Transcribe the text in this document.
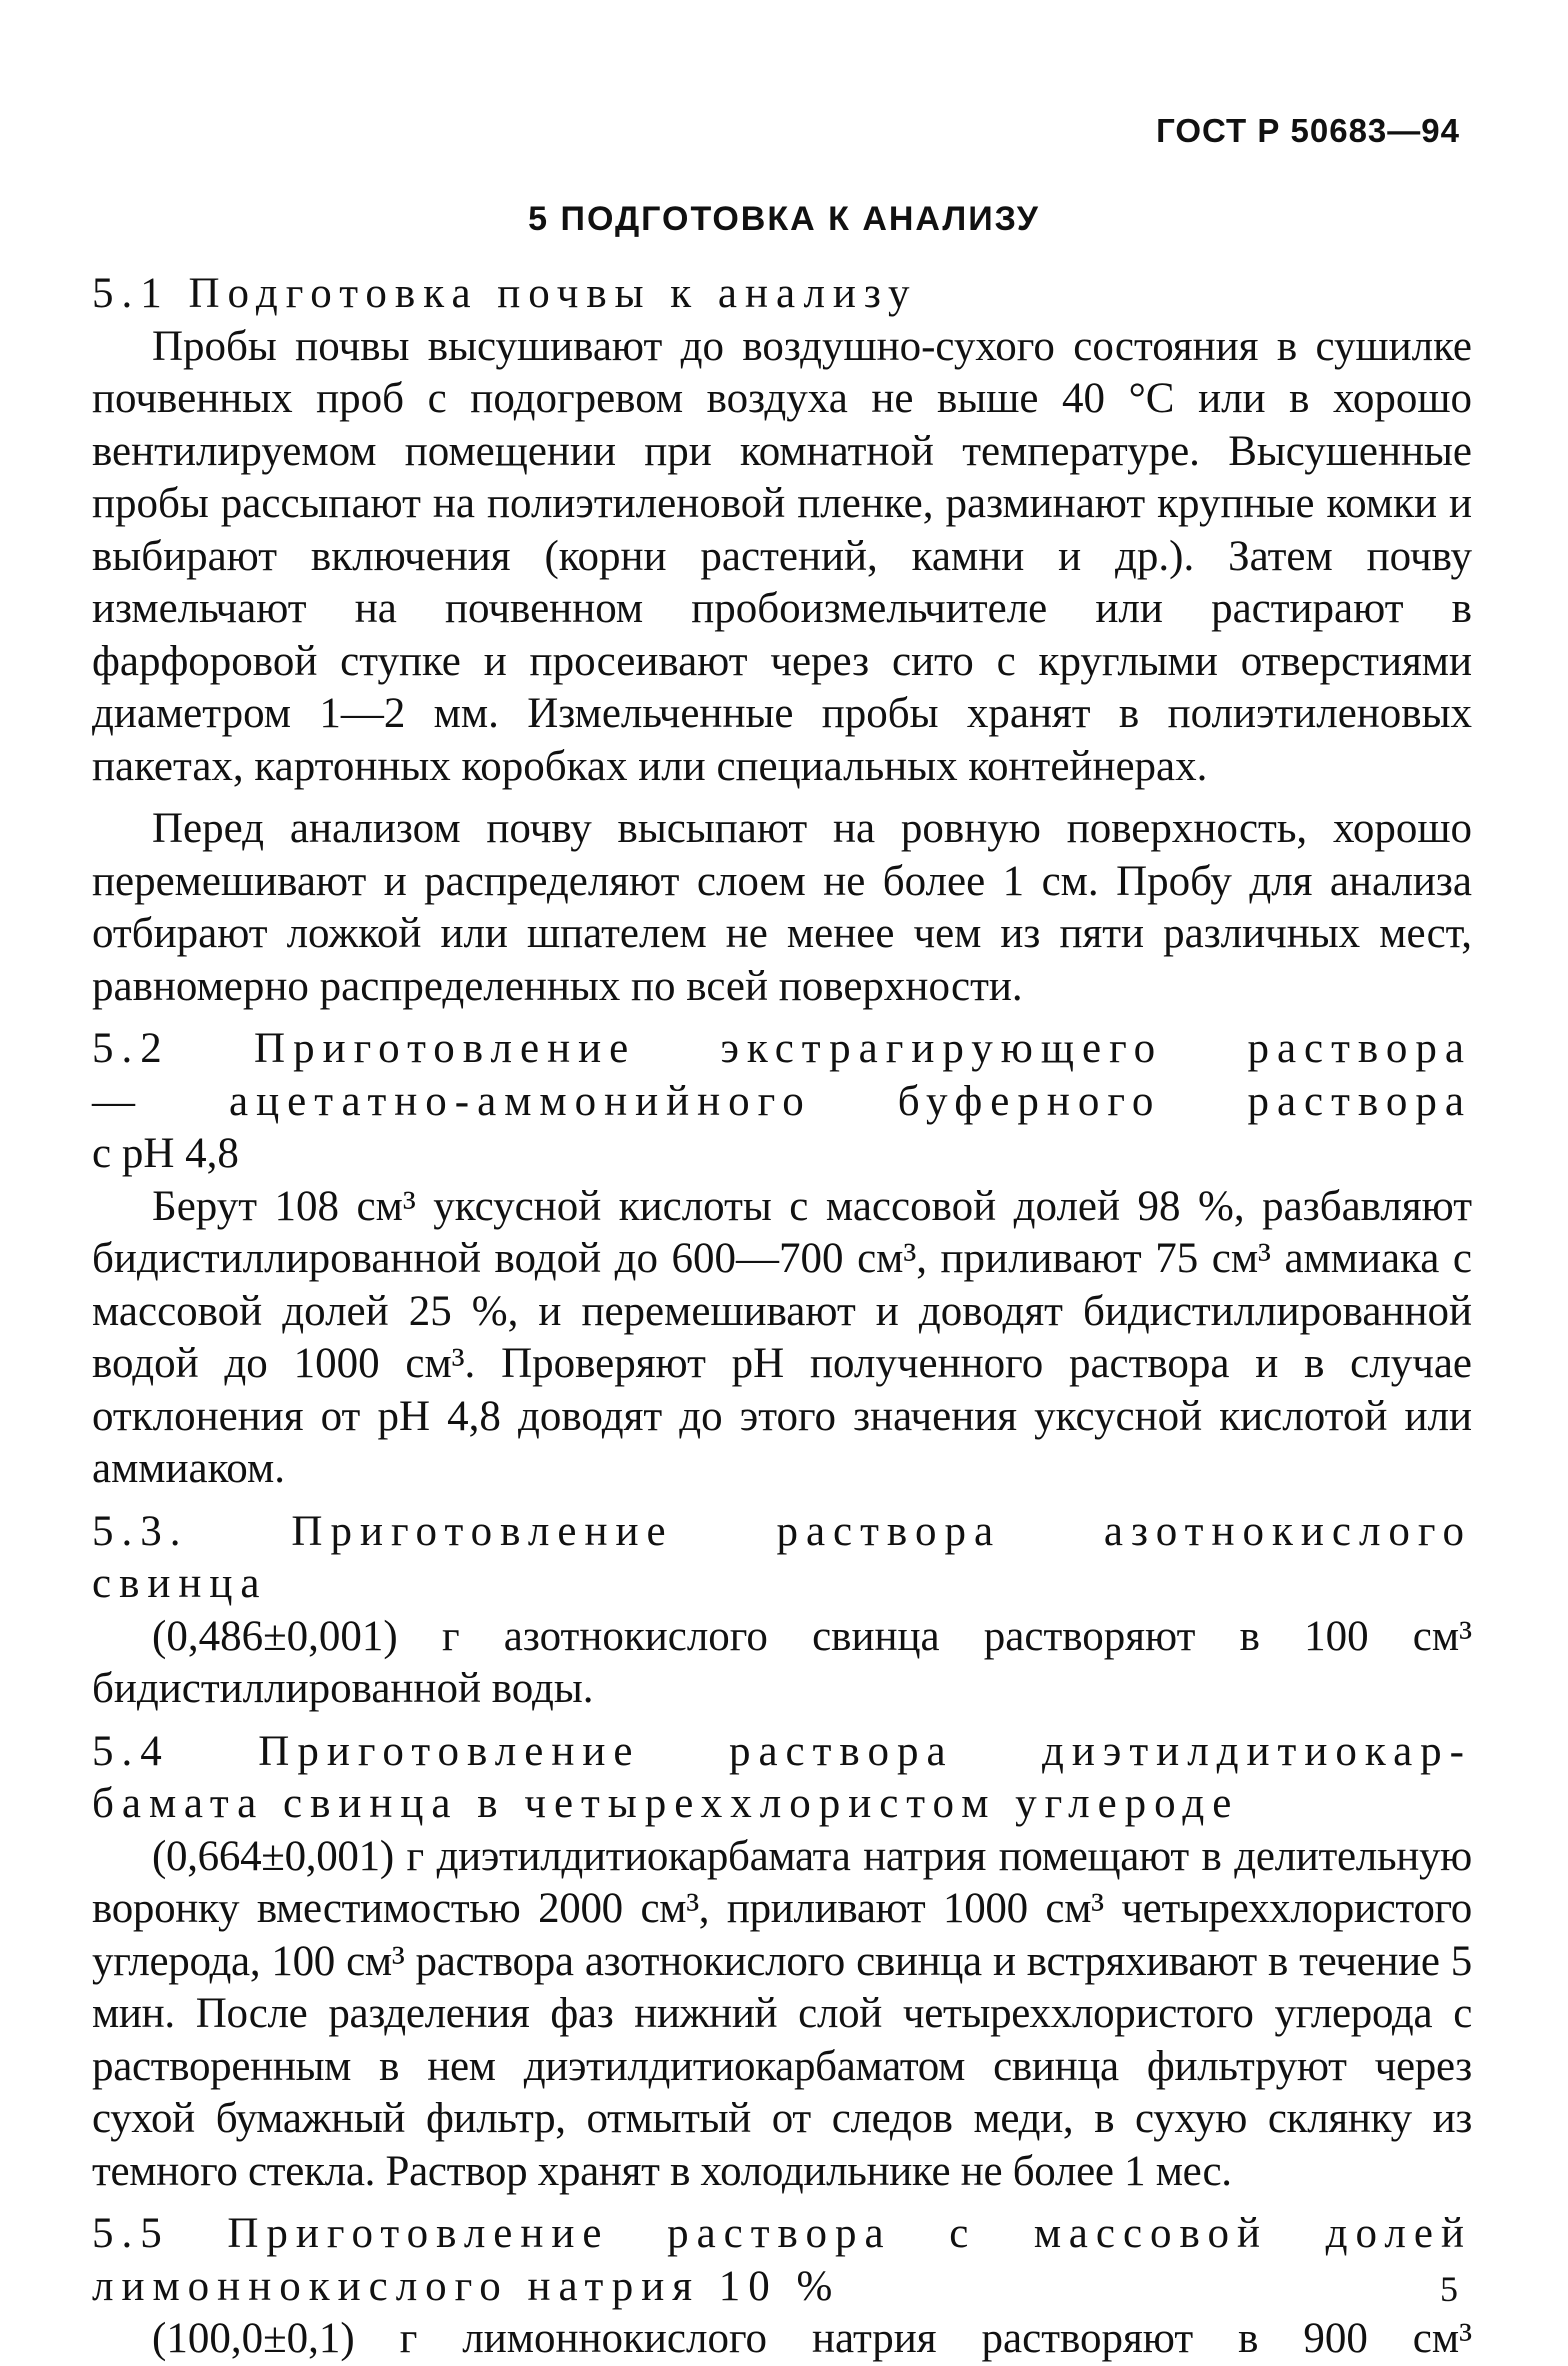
ГОСТ Р 50683—94
5 ПОДГОТОВКА К АНАЛИЗУ

5.1 Подготовка почвы к анализу

Пробы почвы высушивают до воздушно-сухого состояния в сушилке почвенных проб с подогревом воздуха не выше 40 °С или в хорошо вентилируемом помещении при комнатной температуре. Высушенные пробы рассыпают на полиэтиленовой пленке, разминают крупные комки и выбирают включения (корни растений, камни и др.). Затем почву измельчают на почвенном пробоизмельчителе или растирают в фарфоровой ступке и просеивают через сито с круглыми отверстиями диаметром 1—2 мм. Измельченные пробы хранят в полиэтиленовых пакетах, картонных коробках или специальных контейнерах.

Перед анализом почву высыпают на ровную поверхность, хорошо перемешивают и распределяют слоем не более 1 см. Пробу для анализа отбирают ложкой или шпателем не менее чем из пяти различных мест, равномерно распределенных по всей поверхности.

5.2 Приготовление экстрагирующего раствора

— ацетатно-аммонийного буферного раствора

с рН 4,8

Берут 108 см³ уксусной кислоты с массовой долей 98 %, разбавляют бидистиллированной водой до 600—700 см³, приливают 75 см³ аммиака с массовой долей 25 %, и перемешивают и доводят бидистиллированной водой до 1000 см³. Проверяют рН полученного раствора и в случае отклонения от рН 4,8 доводят до этого значения уксусной кислотой или аммиаком.

5.3. Приготовление раствора азотнокислого

свинца

(0,486±0,001) г азотнокислого свинца растворяют в 100 см³ бидистиллированной воды.

5.4 Приготовление раствора диэтилдитиокар-

бамата свинца в четыреххлористом углероде

(0,664±0,001) г диэтилдитиокарбамата натрия помещают в делительную воронку вместимостью 2000 см³, приливают 1000 см³ четыреххлористого углерода, 100 см³ раствора азотнокислого свинца и встряхивают в течение 5 мин. После разделения фаз нижний слой четыреххлористого углерода с растворенным в нем диэтилдитиокарбаматом свинца фильтруют через сухой бумажный фильтр, отмытый от следов меди, в сухую склянку из темного стекла. Раствор хранят в холодильнике не более 1 мес.

5.5 Приготовление раствора с массовой долей

лимоннокислого натрия 10 %

(100,0±0,1) г лимоннокислого натрия растворяют в 900 см³

5
